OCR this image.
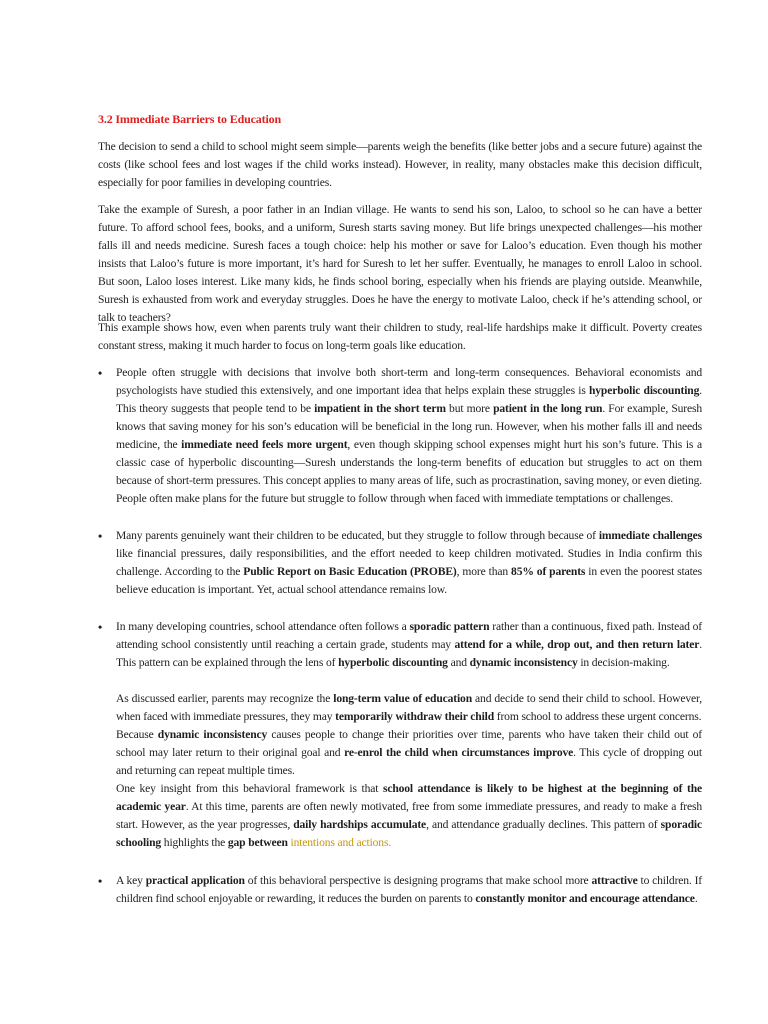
3.2 Immediate Barriers to Education

The decision to send a child to school might seem simple—parents weigh the benefits (like better jobs and a secure future) against the costs (like school fees and lost wages if the child works instead). However, in reality, many obstacles make this decision difficult, especially for poor families in developing countries.

Take the example of Suresh, a poor father in an Indian village. He wants to send his son, Laloo, to school so he can have a better future. To afford school fees, books, and a uniform, Suresh starts saving money. But life brings unexpected challenges—his mother falls ill and needs medicine. Suresh faces a tough choice: help his mother or save for Laloo’s education. Even though his mother insists that Laloo’s future is more important, it’s hard for Suresh to let her suffer. Eventually, he manages to enroll Laloo in school. But soon, Laloo loses interest. Like many kids, he finds school boring, especially when his friends are playing outside. Meanwhile, Suresh is exhausted from work and everyday struggles. Does he have the energy to motivate Laloo, check if he’s attending school, or talk to teachers?

This example shows how, even when parents truly want their children to study, real-life hardships make it difficult. Poverty creates constant stress, making it much harder to focus on long-term goals like education.

• People often struggle with decisions that involve both short-term and long-term consequences. Behavioral economists and psychologists have studied this extensively, and one important idea that helps explain these struggles is hyperbolic discounting. This theory suggests that people tend to be impatient in the short term but more patient in the long run. For example, Suresh knows that saving money for his son’s education will be beneficial in the long run. However, when his mother falls ill and needs medicine, the immediate need feels more urgent, even though skipping school expenses might hurt his son’s future. This is a classic case of hyperbolic discounting—Suresh understands the long-term benefits of education but struggles to act on them because of short-term pressures. This concept applies to many areas of life, such as procrastination, saving money, or even dieting. People often make plans for the future but struggle to follow through when faced with immediate temptations or challenges.
• Many parents genuinely want their children to be educated, but they struggle to follow through because of immediate challenges like financial pressures, daily responsibilities, and the effort needed to keep children motivated. Studies in India confirm this challenge. According to the Public Report on Basic Education (PROBE), more than 85% of parents in even the poorest states believe education is important. Yet, actual school attendance remains low.
• In many developing countries, school attendance often follows a sporadic pattern rather than a continuous, fixed path. Instead of attending school consistently until reaching a certain grade, students may attend for a while, drop out, and then return later. This pattern can be explained through the lens of hyperbolic discounting and dynamic inconsistency in decision-making.

As discussed earlier, parents may recognize the long-term value of education and decide to send their child to school. However, when faced with immediate pressures, they may temporarily withdraw their child from school to address these urgent concerns.
Because dynamic inconsistency causes people to change their priorities over time, parents who have taken their child out of school may later return to their original goal and re-enrol the child when circumstances improve. This cycle of dropping out and returning can repeat multiple times.
One key insight from this behavioral framework is that school attendance is likely to be highest at the beginning of the academic year. At this time, parents are often newly motivated, free from some immediate pressures, and ready to make a fresh start. However, as the year progresses, daily hardships accumulate, and attendance gradually declines. This pattern of sporadic schooling highlights the gap between intentions and actions.

• A key practical application of this behavioral perspective is designing programs that make school more attractive to children. If children find school enjoyable or rewarding, it reduces the burden on parents to constantly monitor and encourage attendance.
